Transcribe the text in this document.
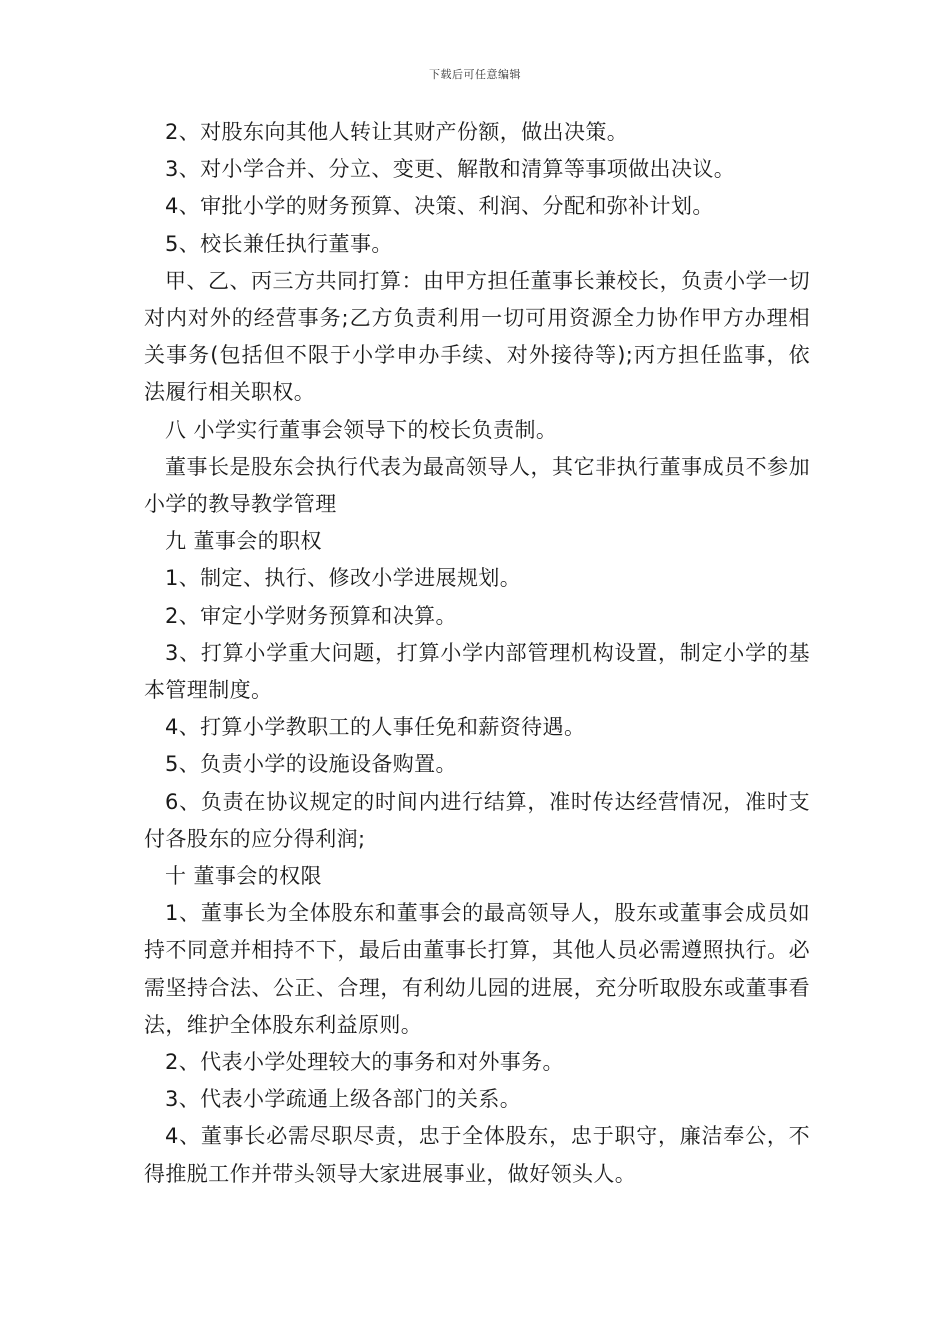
下载后可任意编辑

2、对股东向其他人转让其财产份额，做出决策。

3、对小学合并、分立、变更、解散和清算等事项做出决议。

4、审批小学的财务预算、决策、利润、分配和弥补计划。

5、校长兼任执行董事。

甲、乙、丙三方共同打算：由甲方担任董事长兼校长，负责小学一切对内对外的经营事务;乙方负责利用一切可用资源全力协作甲方办理相关事务(包括但不限于小学申办手续、对外接待等);丙方担任监事，依法履行相关职权。

八 小学实行董事会领导下的校长负责制。

董事长是股东会执行代表为最高领导人，其它非执行董事成员不参加小学的教导教学管理

九 董事会的职权

1、制定、执行、修改小学进展规划。

2、审定小学财务预算和决算。

3、打算小学重大问题，打算小学内部管理机构设置，制定小学的基本管理制度。

4、打算小学教职工的人事任免和薪资待遇。

5、负责小学的设施设备购置。

6、负责在协议规定的时间内进行结算，准时传达经营情况，准时支付各股东的应分得利润;

十 董事会的权限

1、董事长为全体股东和董事会的最高领导人，股东或董事会成员如持不同意并相持不下，最后由董事长打算，其他人员必需遵照执行。必需坚持合法、公正、合理，有利幼儿园的进展，充分听取股东或董事看法，维护全体股东利益原则。

2、代表小学处理较大的事务和对外事务。

3、代表小学疏通上级各部门的关系。

4、董事长必需尽职尽责，忠于全体股东，忠于职守，廉洁奉公，不得推脱工作并带头领导大家进展事业，做好领头人。
